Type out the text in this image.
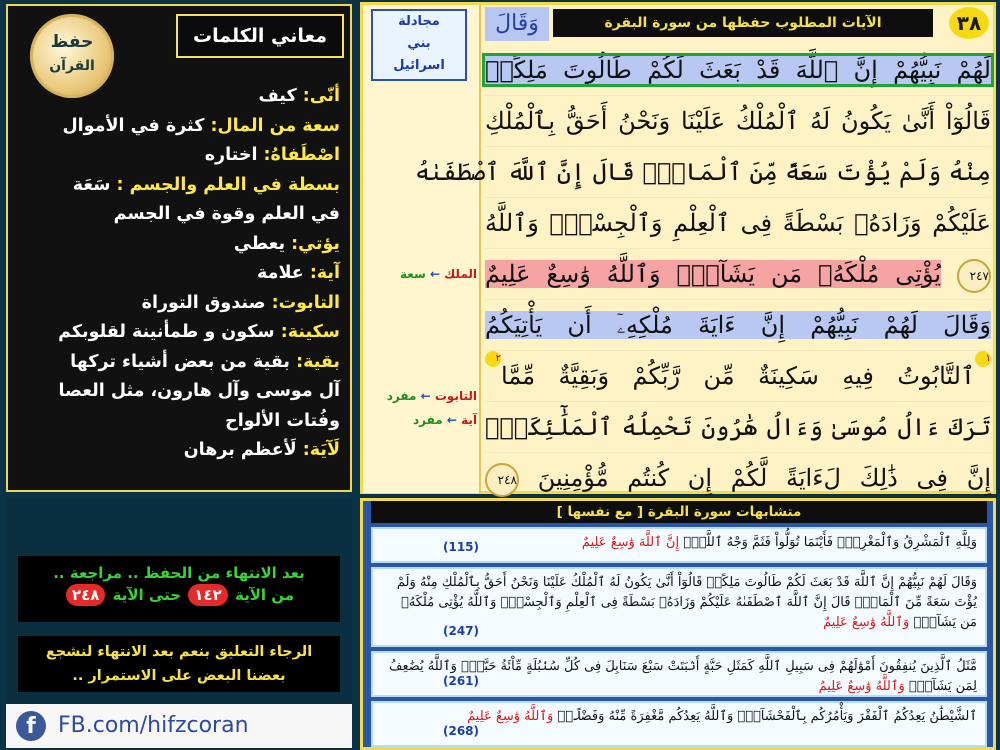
حفظ
القرآن
معاني الكلمات
أنّى: كيف
سعة من المال: كثرة في الأموال
اصْطَفاهُ: اختاره
بسطة في العلم والجسم : سَعَة
في العلم وقوة في الجسم
يؤتي: يعطي
آية: علامة
التابوت: صندوق التوراة
سكينة: سكون و طمأنينة لقلوبكم
بقية: بقية من بعض أشياء تركها
آل موسى وآل هارون، مثل العصا
وفُتات الألواح
لَآيَة: لَأعظم برهان
مجادلة
بني
اسرائيل
الملك ← سعة
التابوت ← مفرد
آية ← مفرد
وَقَالَ	الآيات المطلوب حفظها من سورة البقرة	٣٨
لَهُمْ نَبِيُّهُمْ إِنَّ ٱللَّهَ قَدْ بَعَثَ لَكُمْ طَالُوتَ مَلِكًاۚ
قَالُوٓاْ أَنَّىٰ يَكُونُ لَهُ ٱلْمُلْكُ عَلَيْنَا وَنَحْنُ أَحَقُّ بِٱلْمُلْكِ
مِنْهُ وَلَمْ يُؤْتَ سَعَةً مِّنَ ٱلْمَالِۚ قَالَ إِنَّ ٱللَّهَ ٱصْطَفَىٰهُ
عَلَيْكُمْ وَزَادَهُۥ بَسْطَةً فِى ٱلْعِلْمِ وَٱلْجِسْمِۖ وَٱللَّهُ
٢٤٧ يُؤْتِى مُلْكَهُۥ مَن يَشَآءُۚ وَٱللَّهُ وَٰسِعٌ عَلِيمٌ
وَقَالَ لَهُمْ نَبِيُّهُمْ إِنَّ ءَايَةَ مُلْكِهِۦٓ أَن يَأْتِيَكُمُ
١ٱلتَّابُوتُ فِيهِ سَكِينَةٌ مِّن رَّبِّكُمْ وَبَقِيَّةٌ مِّمَّا٢
تَرَكَ ءَالُ مُوسَىٰ وَءَالُ هَٰرُونَ تَحْمِلُهُ ٱلْمَلَٰٓئِكَةُۚ
إِنَّ فِى ذَٰلِكَ لَءَايَةً لَّكُمْ إِن كُنتُم مُّؤْمِنِينَ ٢٤٨
بعد الانتهاء من الحفظ .. مراجعة ..
من الآية ١٤٢ حتى الآية ٢٤٨
الرجاء التعليق بنعم بعد الانتهاء لنشجع
بعضنا البعض على الاستمرار ..
f	FB.com/hifzcoran
متشابهات سورة البقرة [ مع نفسها ]
وَلِلَّهِ ٱلْمَشْرِقُ وَٱلْمَغْرِبُۚ فَأَيْنَمَا تُوَلُّواْ فَثَمَّ وَجْهُ ٱللَّهِۚ إِنَّ ٱللَّهَ وَٰسِعٌ عَلِيمٌ
(115)
وَقَالَ لَهُمْ نَبِيُّهُمْ إِنَّ ٱللَّهَ قَدْ بَعَثَ لَكُمْ طَالُوتَ مَلِكًاۚ قَالُوٓاْ أَنَّىٰ يَكُونُ لَهُ ٱلْمُلْكُ عَلَيْنَا وَنَحْنُ أَحَقُّ بِٱلْمُلْكِ مِنْهُ وَلَمْ يُؤْتَ سَعَةً مِّنَ ٱلْمَالِۚ قَالَ إِنَّ ٱللَّهَ ٱصْطَفَىٰهُ عَلَيْكُمْ وَزَادَهُۥ بَسْطَةً فِى ٱلْعِلْمِ وَٱلْجِسْمِۖ وَٱللَّهُ يُؤْتِى مُلْكَهُۥ مَن يَشَآءُۚ وَٱللَّهُ وَٰسِعٌ عَلِيمٌ
(247)
مَّثَلُ ٱلَّذِينَ يُنفِقُونَ أَمْوَٰلَهُمْ فِى سَبِيلِ ٱللَّهِ كَمَثَلِ حَبَّةٍ أَنۢبَتَتْ سَبْعَ سَنَابِلَ فِى كُلِّ سُنۢبُلَةٍ مِّاْئَةُ حَبَّةٍۗ وَٱللَّهُ يُضَٰعِفُ لِمَن يَشَآءُۗ وَٱللَّهُ وَٰسِعٌ عَلِيمٌ
(261)
ٱلشَّيْطَٰنُ يَعِدُكُمُ ٱلْفَقْرَ وَيَأْمُرُكُم بِٱلْفَحْشَآءِۖ وَٱللَّهُ يَعِدُكُم مَّغْفِرَةً مِّنْهُ وَفَضْلًاۗ وَٱللَّهُ وَٰسِعٌ عَلِيمٌ
(268)
